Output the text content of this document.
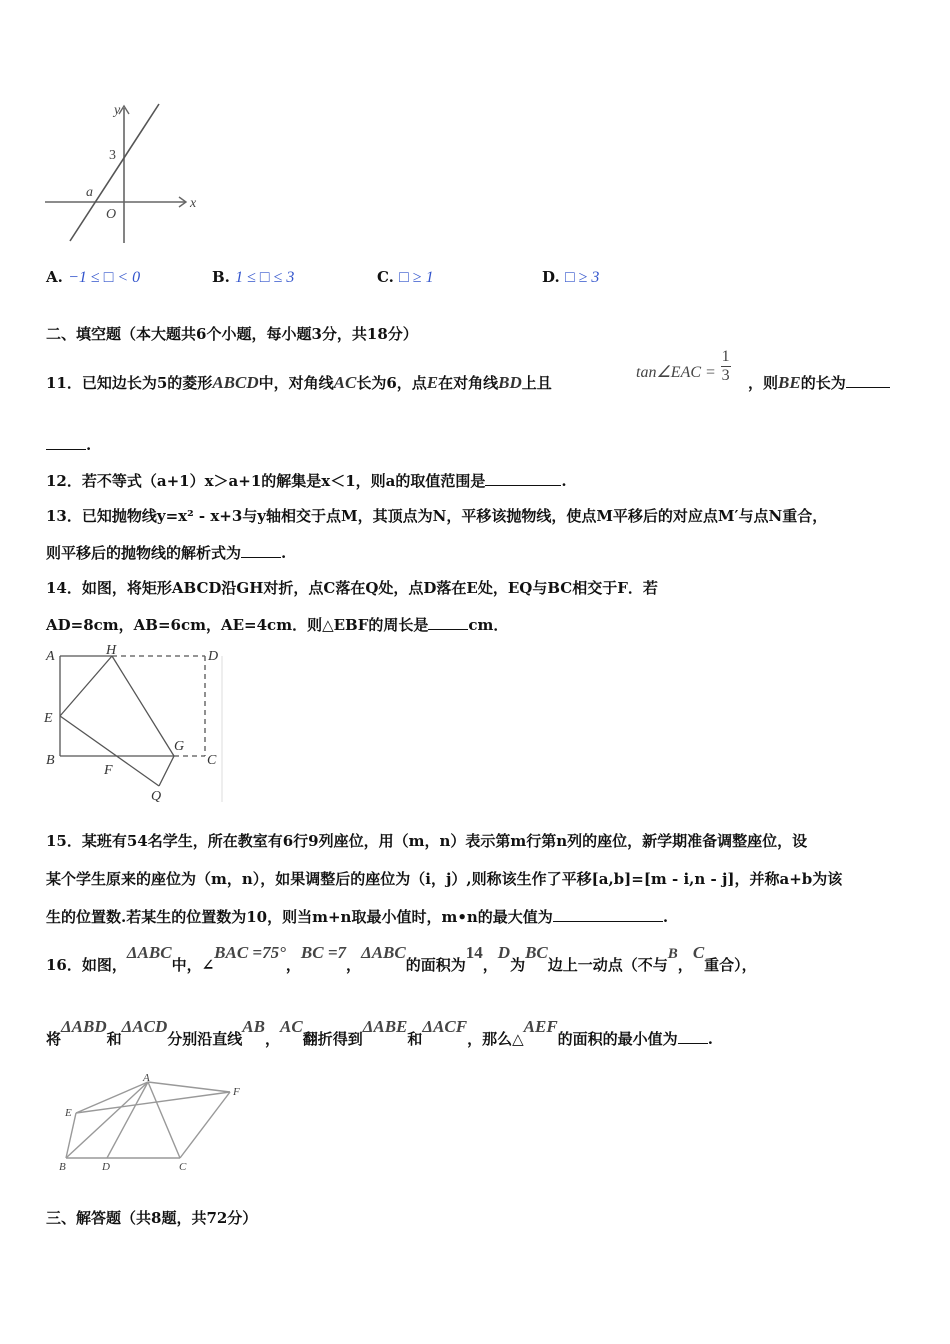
y
x
O
a
3
A. −1 ≤ □ < 0	B. 1 ≤ □ ≤ 3	C. □ ≥ 1	D. □ ≥ 3
二、填空题（本大题共6个小题，每小题3分，共18分）
11．已知边长为5的菱形ABCD中，对角线AC长为6，点E在对角线BD上且
tan∠EAC = $\frac{1}{3}$ ，则BE的长为
.
12．若不等式（a+1）x＞a+1的解集是x＜1，则a的取值范围是	.
13．已知抛物线y=x² - x+3与y轴相交于点M，其顶点为N，平移该抛物线，使点M平移后的对应点M′与点N重合，
则平移后的抛物线的解析式为	.
14．如图，将矩形ABCD沿GH对折，点C落在Q处，点D落在E处，EQ与BC相交于F．若
AD=8cm，AB=6cm，AE=4cm．则△EBF的周长是	cm．
A	H	D
E
B
F
G
C
Q
15．某班有54名学生，所在教室有6行9列座位，用（m，n）表示第m行第n列的座位，新学期准备调整座位，设
某个学生原来的座位为（m，n），如果调整后的座位为（i，j）,则称该生作了平移[a,b]=[m - i,n - j]，并称a+b为该
生的位置数.若某生的位置数为10，则当m+n取最小值时，m•n的最大值为	.
16．如图，ΔABC中，∠BAC =75°，BC =7，ΔABC的面积为14，D为BC边上一动点（不与B，C重合），
将ΔABD和ΔACD分别沿直线AB，AC翻折得到ΔABE和ΔACF，那么△AEF的面积的最小值为 .
A
E
F
B	D	C
三、解答题（共8题，共72分）
